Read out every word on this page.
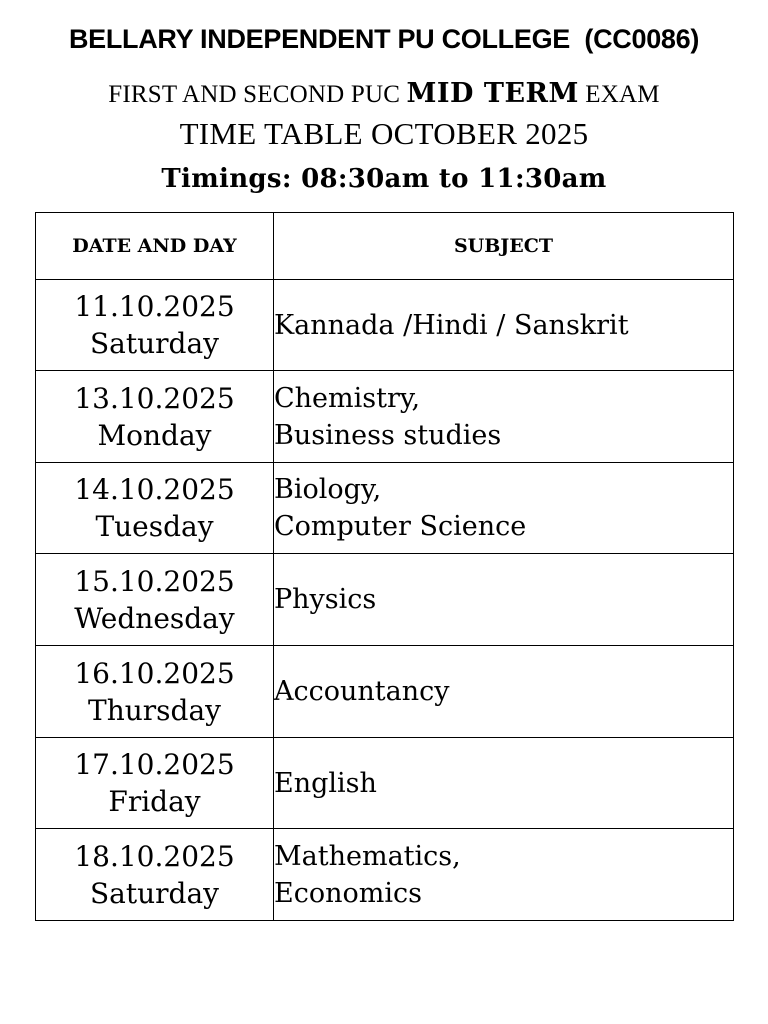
BELLARY INDEPENDENT PU COLLEGE  (CC0086)
FIRST AND SECOND PUC MID TERM EXAM
TIME TABLE OCTOBER 2025
Timings: 08:30am to 11:30am
DATE AND DAY	SUBJECT

11.10.2025
Saturday	Kannada /Hindi / Sanskrit

13.10.2025
Monday	Chemistry,
Business studies

14.10.2025
Tuesday	Biology,
Computer Science

15.10.2025
Wednesday	Physics

16.10.2025
Thursday	Accountancy

17.10.2025
Friday	English

18.10.2025
Saturday	Mathematics,
Economics
